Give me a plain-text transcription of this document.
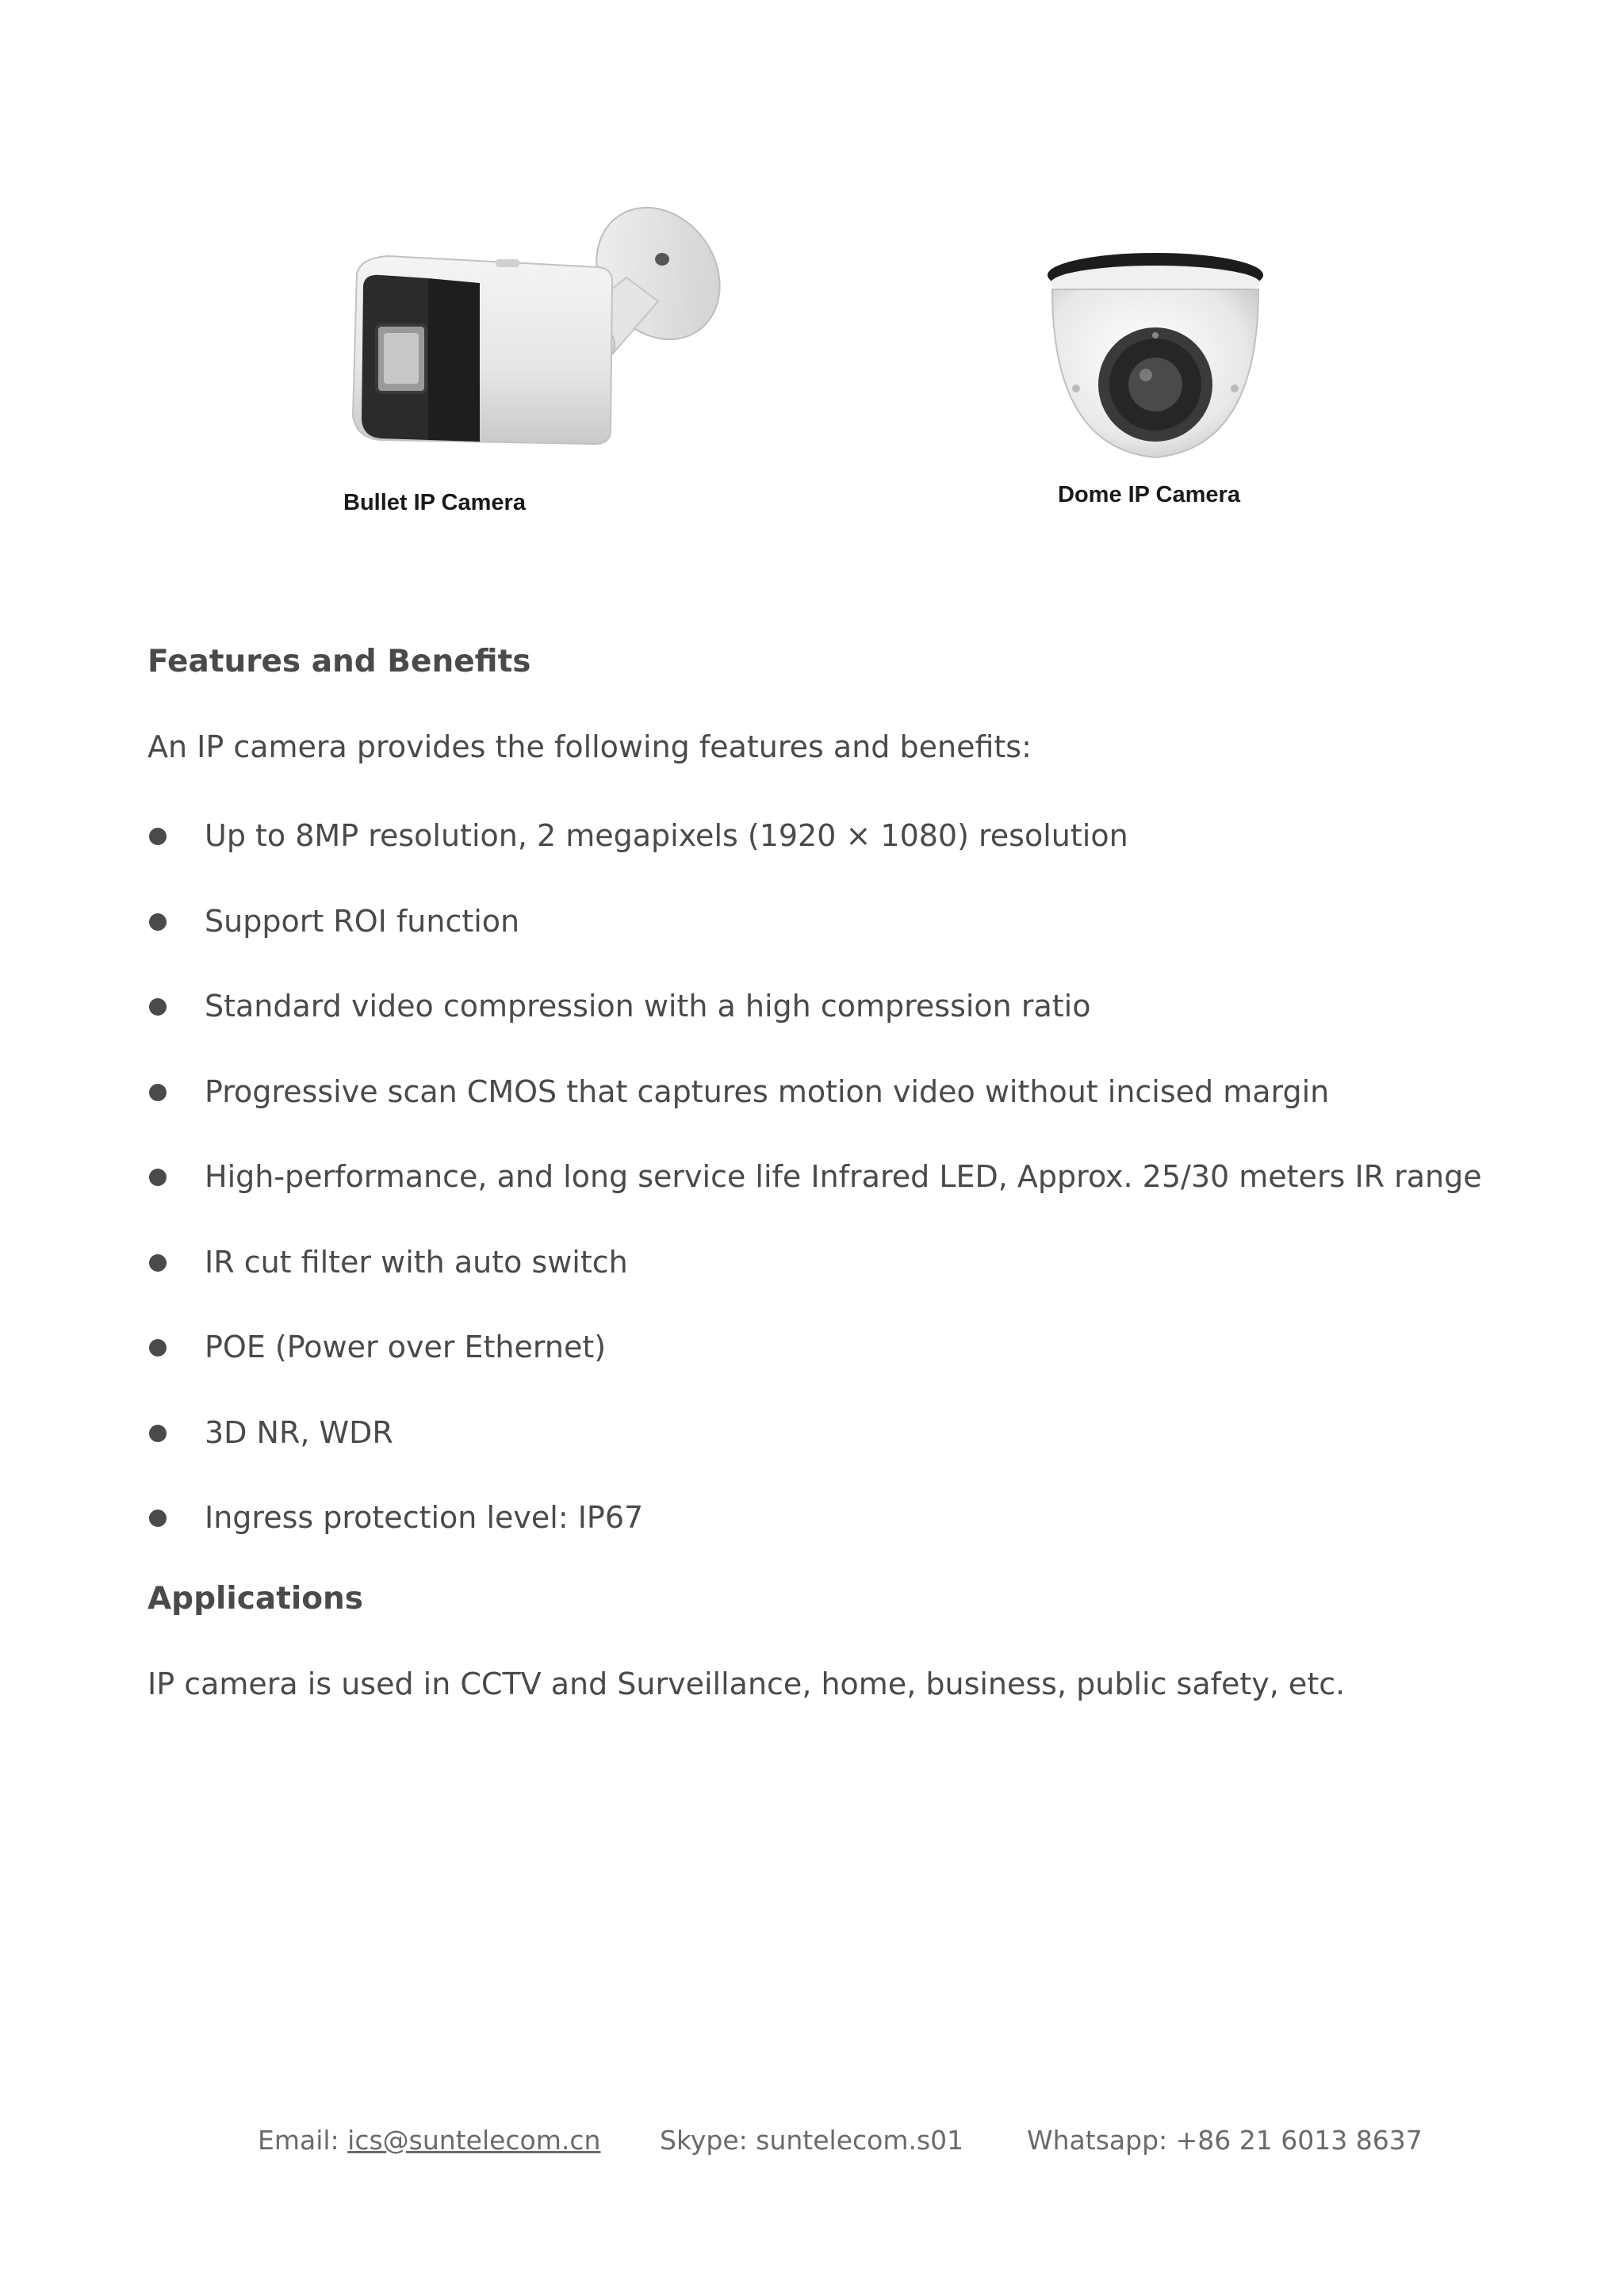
Bullet IP Camera	Dome IP Camera
Features and Benefits
An IP camera provides the following features and benefits:
Up to 8MP resolution, 2 megapixels (1920 × 1080) resolution
Support ROI function
Standard video compression with a high compression ratio
Progressive scan CMOS that captures motion video without incised margin
High-performance, and long service life Infrared LED, Approx. 25/30 meters IR range
IR cut filter with auto switch
POE (Power over Ethernet)
3D NR, WDR
Ingress protection level: IP67
Applications
IP camera is used in CCTV and Surveillance, home, business, public safety, etc.
Email: ics@suntelecom.cn Skype: suntelecom.s01 Whatsapp: +86 21 6013 8637
